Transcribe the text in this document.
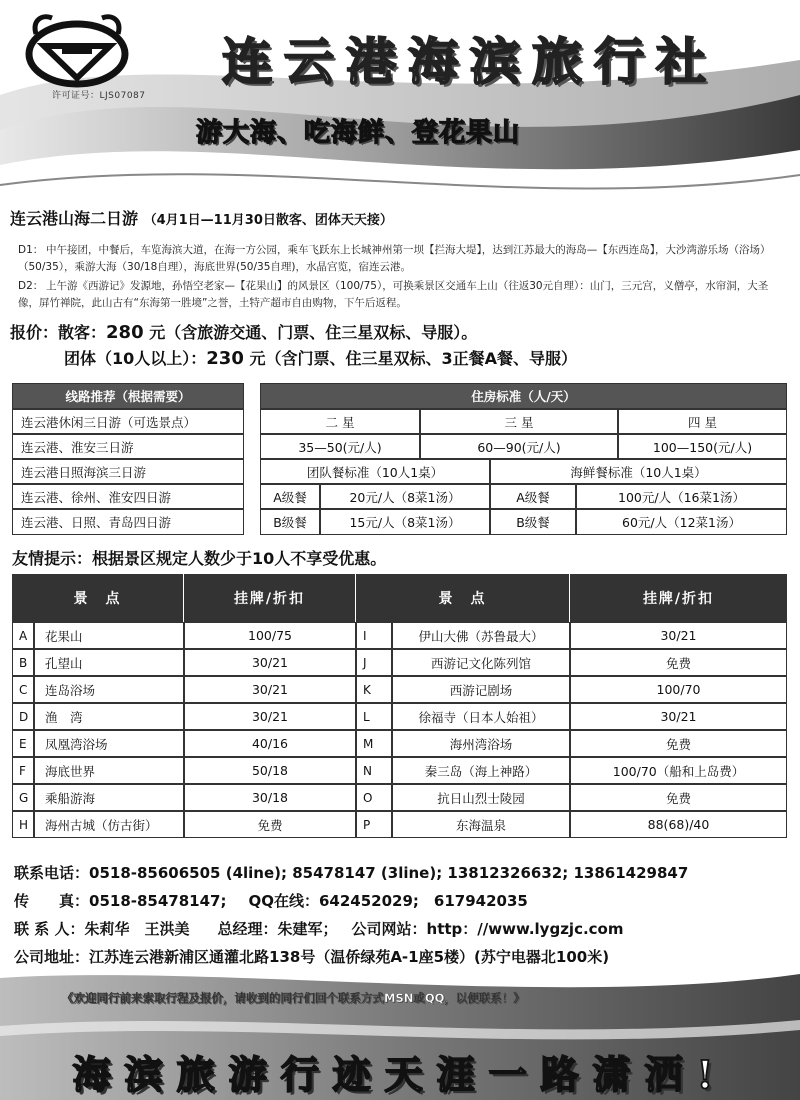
许可证号：LJS07087
连云港海滨旅行社
游大海、吃海鲜、登花果山
连云港山海二日游 （4月1日—11月30日散客、团体天天接）
D1： 中午接团，中餐后，车览海滨大道，在海一方公园，乘车飞跃东上长城神州第一坝【拦海大堤】，达到江苏最大的海岛—【东西连岛】，大沙湾游乐场（浴场）（50/35），乘游大海（30/18自理），海底世界(50/35自理)，水晶宫览，宿连云港。
D2： 上午游《西游记》发源地，孙悟空老家—【花果山】的风景区（100/75），可换乘景区交通车上山（往返30元自理）：山门，三元宫，义僧亭，水帘洞，大圣像，屏竹禅院，此山古有“东海第一胜境”之誉，土特产超市自由购物，下午后返程。
报价：散客：280 元（含旅游交通、门票、住三星双标、导服）。
团体（10人以上）：230 元（含门票、住三星双标、3正餐A餐、导服）
线路推荐（根据需要）
连云港休闲三日游（可选景点）
连云港、淮安三日游
连云港日照海滨三日游
连云港、徐州、淮安四日游
连云港、日照、青岛四日游
住房标准（人/天）
二 星	三 星	四 星
35—50(元/人)	60—90(元/人)	100—150(元/人)
团队餐标准（10人1桌）	海鲜餐标准（10人1桌）
A级餐	20元/人（8菜1汤）	A级餐	100元/人（16菜1汤）
B级餐	15元/人（8菜1汤）	B级餐	60元/人（12菜1汤）
友情提示：根据景区规定人数少于10人不享受优惠。
景　点	挂牌/折扣	景　点	挂牌/折扣
A	花果山	100/75	I	伊山大佛（苏鲁最大）	30/21
B	孔望山	30/21	J	西游记文化陈列馆	免费
C	连岛浴场	30/21	K	西游记剧场	100/70
D	渔　湾	30/21	L	徐福寺（日本人始祖）	30/21
E	凤凰湾浴场	40/16	M	海州湾浴场	免费
F	海底世界	50/18	N	秦三岛（海上神路）	100/70（船和上岛费）
G	乘船游海	30/18	O	抗日山烈士陵园	免费
H	海州古城（仿古街）	免费	P	东海温泉	88(68)/40
联系电话：0518-85606505 (4line); 85478147 (3line); 13812326632; 13861429847
传　　真：0518-85478147; QQ在线：642452029;　617942035
联 系 人：朱莉华　王洪美 总经理：朱建军； 公司网站：http：//www.lygzjc.com
公司地址：江苏连云港新浦区通灌北路138号（温侨绿苑A-1座5楼）(苏宁电器北100米)
《欢迎同行前来索取行程及报价，请收到的同行们回个联系方式MSN或QQ，以便联系！》
海滨旅游行迹天涯一路潇洒!
